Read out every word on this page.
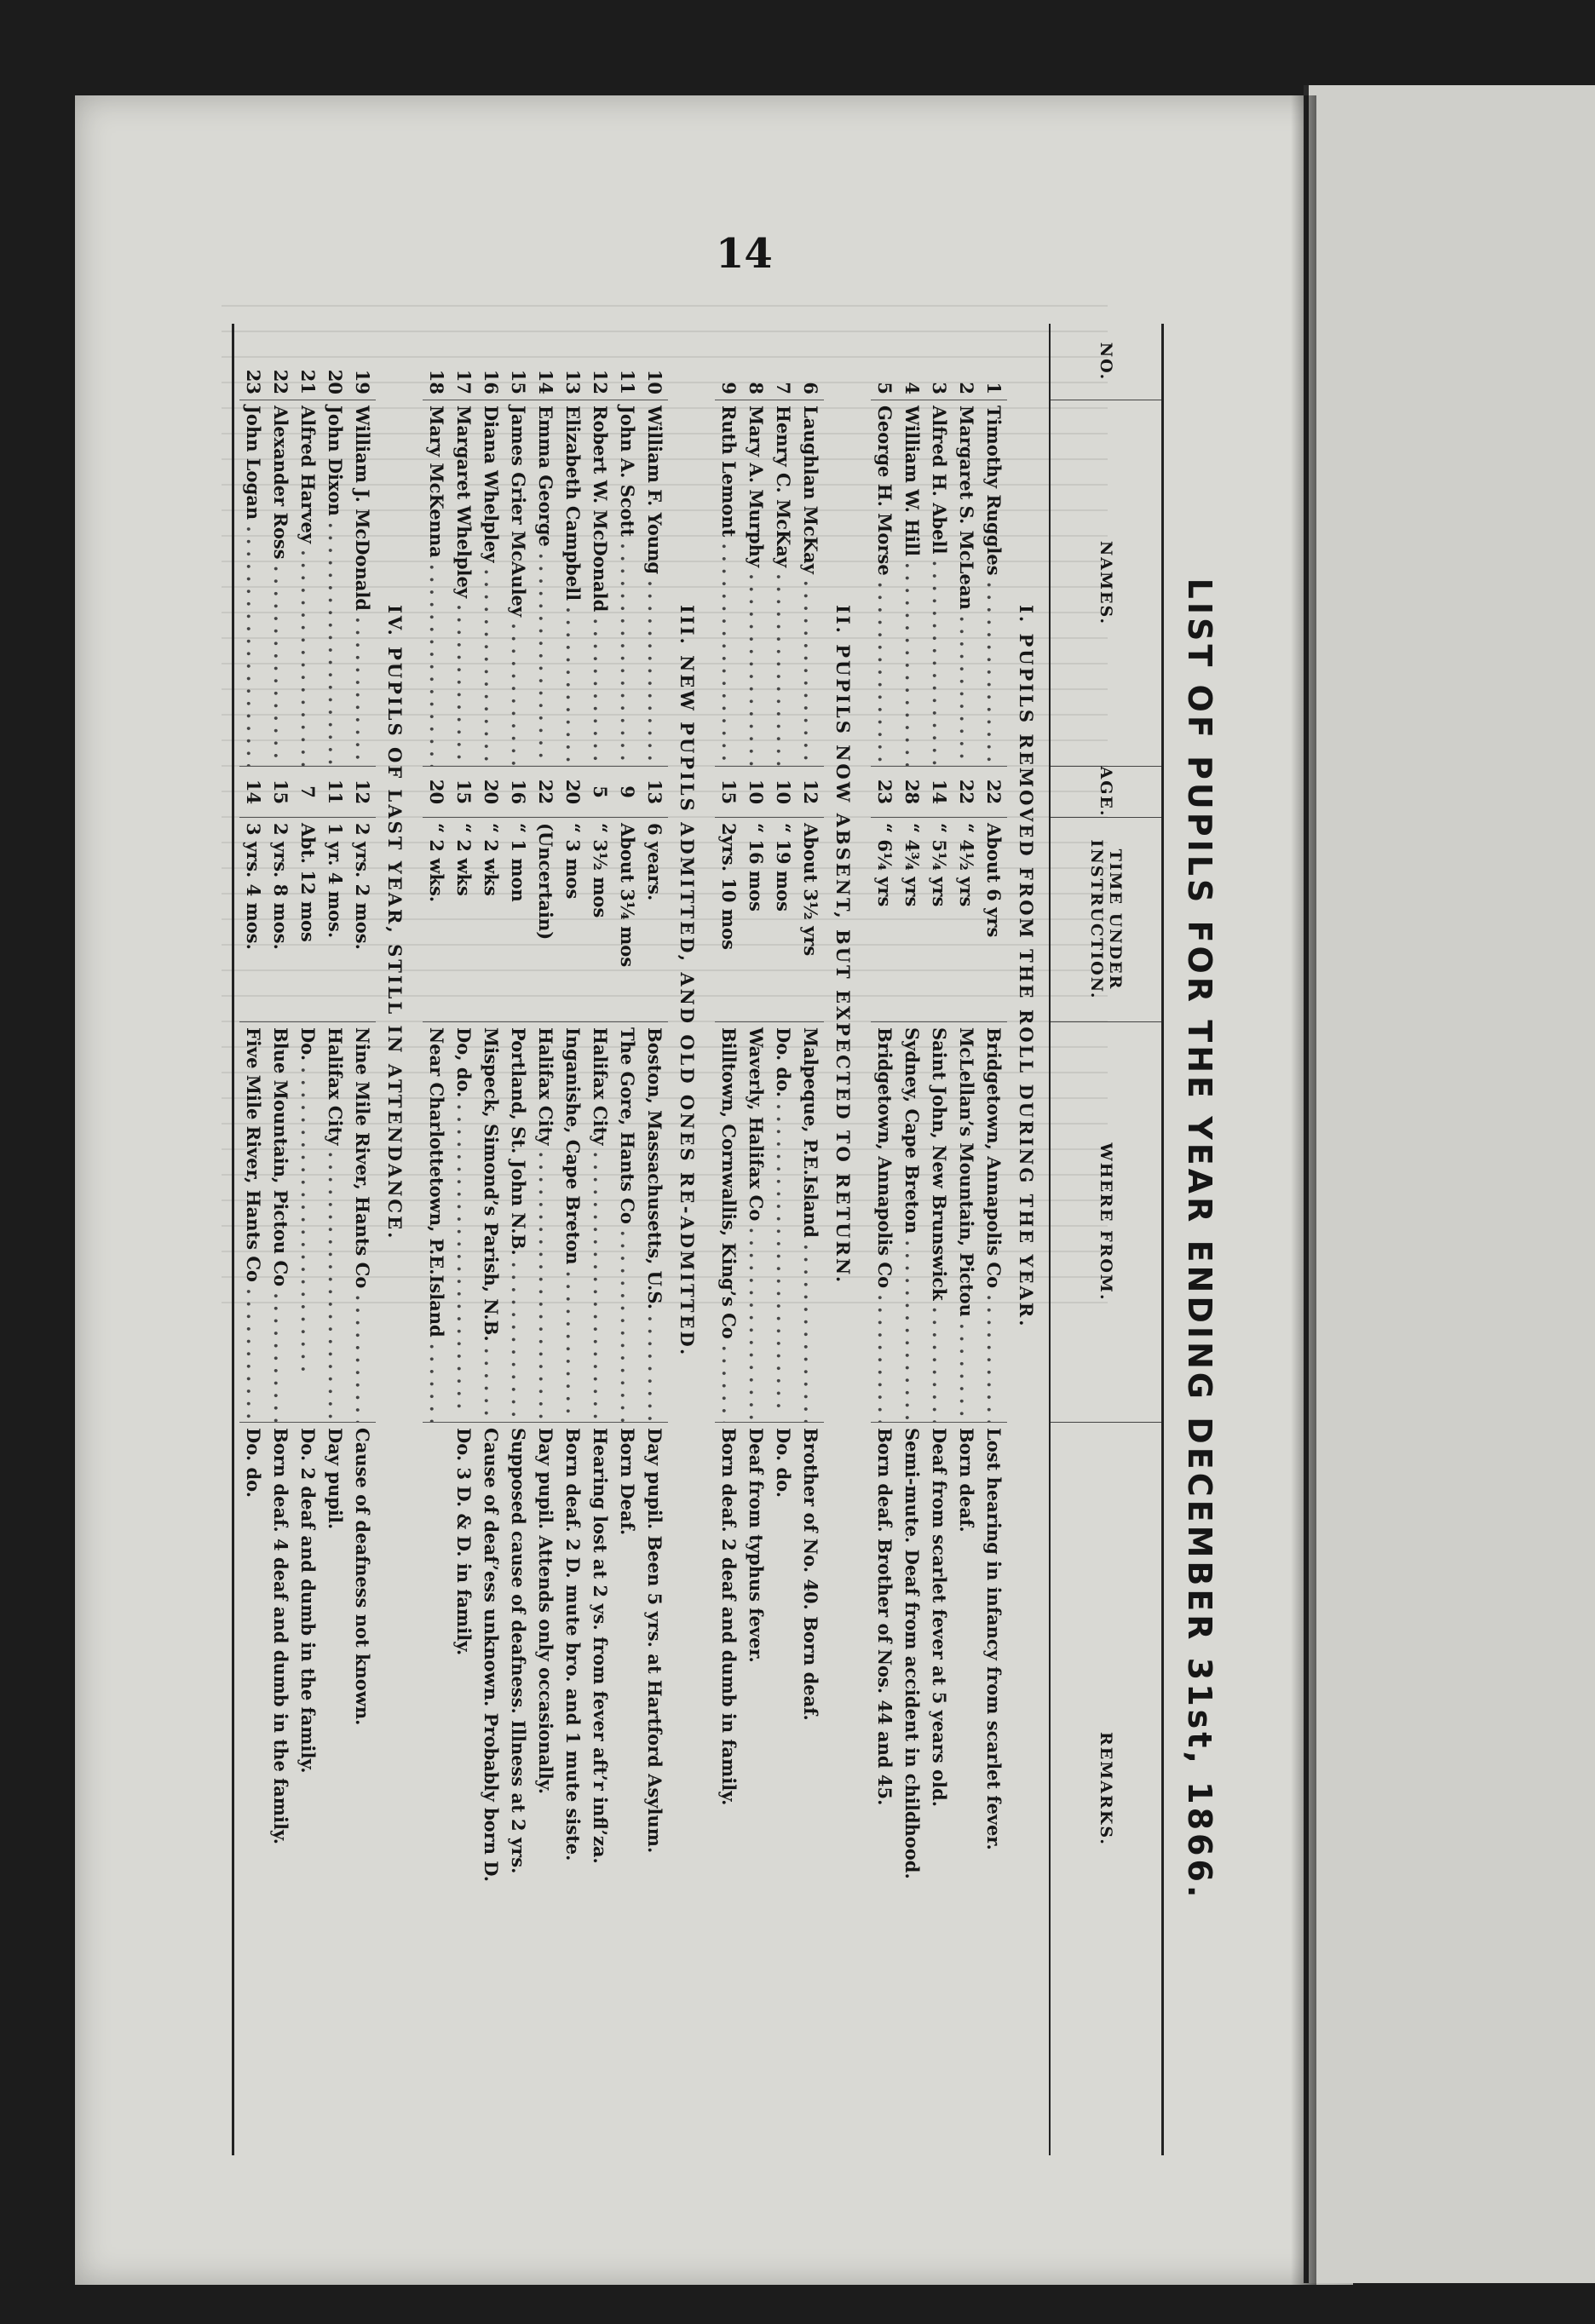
14
LIST OF PUPILS FOR THE YEAR ENDING DECEMBER 31st, 1866.
NO.
NAMES.
AGE.
TIME UNDER INSTRUCTION.
WHERE FROM.
REMARKS.
I. PUPILS REMOVED FROM THE ROLL DURING THE YEAR.
1
Timothy Ruggles . . .
22
About 6 yrs
Bridgetown, Annapolis Co . . .
Lost hearing in infancy from scarlet fever.
2
Margaret S. McLean . . .
22
“ 4½ yrs
McLellan’s Mountain, Pictou . . .
Born deaf.
3
Alfred H. Abell . . .
14
“ 5¼ yrs
Saint John, New Brunswick . . .
Deaf from scarlet fever at 5 years old.
4
William W. Hill . . .
28
“ 4¾ yrs
Sydney, Cape Breton . . .
Semi-mute. Deaf from accident in childhood.
5
George H. Morse . . .
23
“ 6¼ yrs
Bridgetown, Annapolis Co . . .
Born deaf. Brother of Nos. 44 and 45.
II. PUPILS NOW ABSENT, BUT EXPECTED TO RETURN.
6
Laughlan McKay . . .
12
About 3½ yrs
Malpeque, P.E.Island . . .
Brother of No. 40. Born deaf.
7
Henry C. McKay . . .
10
“ 19 mos
Do. do. . . .
Do. do.
8
Mary A. Murphy . . .
10
“ 16 mos
Waverly, Halifax Co . . .
Deaf from typhus fever.
9
Ruth Lemont . . .
15
2yrs. 10 mos
Billtown, Cornwallis, King’s Co . . .
Born deaf. 2 deaf and dumb in family.
III. NEW PUPILS ADMITTED, AND OLD ONES RE-ADMITTED.
10
William F. Young . . .
13
6 years.
Boston, Massachusetts, U.S. . . .
Day pupil. Been 5 yrs. at Hartford Asylum.
11
John A. Scott . . .
9
About 3¼ mos
The Gore, Hants Co . . .
Born Deaf.
12
Robert W. McDonald . . .
5
“ 3½ mos
Halifax City . . .
Hearing lost at 2 ys. from fever aft’r infl’za.
13
Elizabeth Campbell . . .
20
“ 3 mos
Inganishe, Cape Breton . . .
Born deaf. 2 D. mute bro. and 1 mute siste.
14
Emma George . . .
22
(Uncertain)
Halifax City . . .
Day pupil. Attends only occasionally.
15
James Grier McAuley . . .
16
“ 1 mon
Portland, St. John N.B. . . .
Supposed cause of deafness. Illness at 2 yrs.
16
Diana Whelpley . . .
20
“ 2 wks
Mispeck, Simond’s Parish, N.B. . . .
Cause of deaf’ess unknown. Probably born D.
17
Margaret Whelpley . . .
15
“ 2 wks
Do, do. . . .
Do. 3 D. & D. in family.
18
Mary McKenna . . .
20
“ 2 wks.
Near Charlottetown, P.E.Island . . .
IV. PUPILS OF LAST YEAR, STILL IN ATTENDANCE.
19
William J. McDonald . . .
12
2 yrs. 2 mos.
Nine Mile River, Hants Co . . .
Cause of deafness not known.
20
John Dixon . . .
11
1 yr. 4 mos.
Halifax City . . .
Day pupil.
21
Alfred Harvey . . .
7
Abt. 12 mos
Do. . . .
Do. 2 deaf and dumb in the family.
22
Alexander Ross . . .
15
2 yrs. 8 mos.
Blue Mountain, Pictou Co . . .
Born deaf. 4 deaf and dumb in the family.
23
John Logan . . .
14
3 yrs. 4 mos.
Five Mile River, Hants Co . . .
Do. do.
